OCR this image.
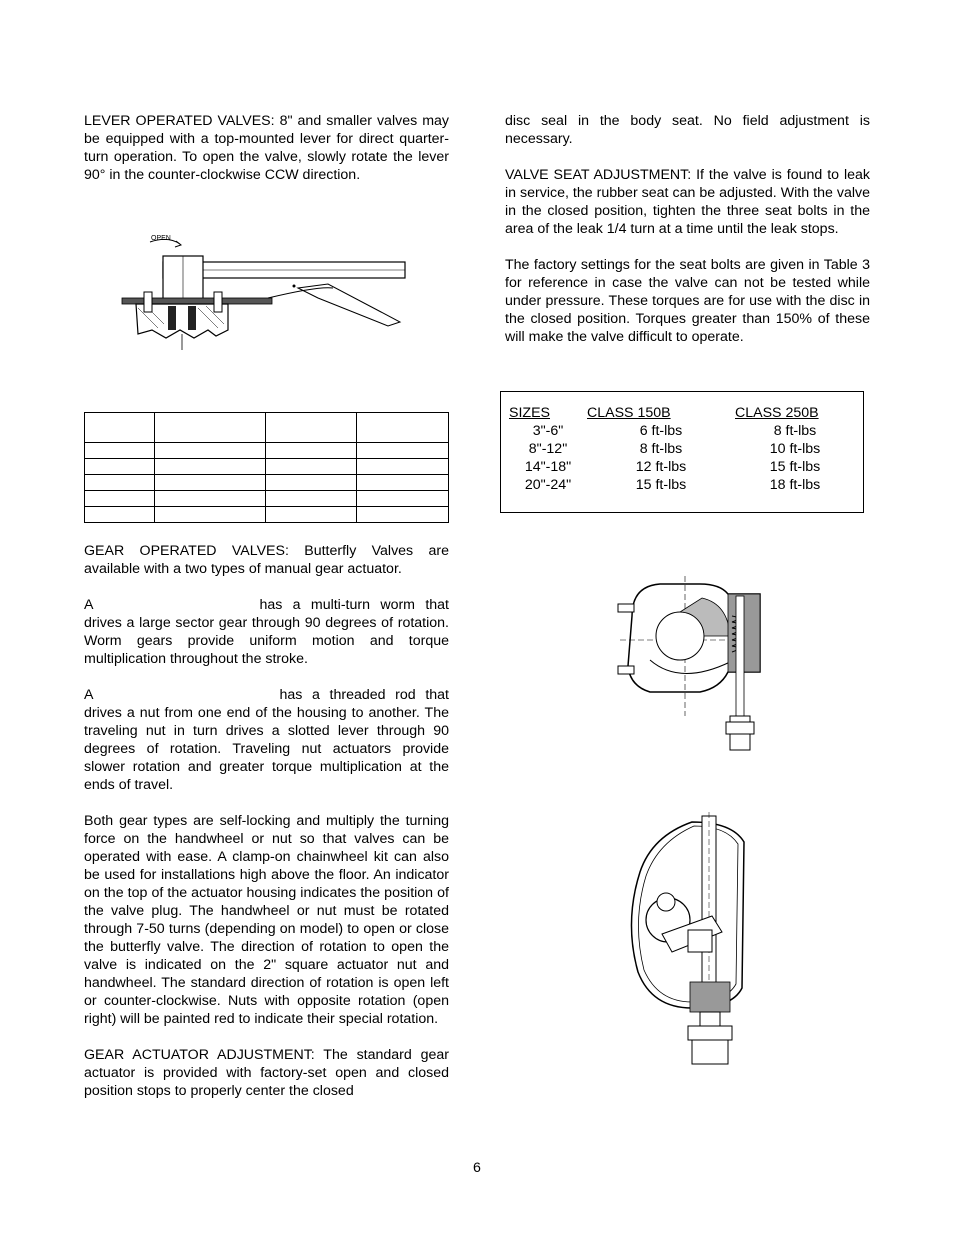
LEVER OPERATED VALVES: 8" and smaller valves may be equipped with a top-mounted lever for direct quarter-turn operation. To open the valve, slowly rotate the lever 90° in the counter-clockwise CCW direction.

OPEN

GEAR OPERATED VALVES: Butterfly Valves are available with a two types of manual gear actuator.

A	has a multi-turn worm that drives a large sector gear through 90 degrees of rotation. Worm gears provide uniform motion and torque multiplication throughout the stroke.

A	has a threaded rod that drives a nut from one end of the housing to another. The traveling nut in turn drives a slotted lever through 90 degrees of rotation. Traveling nut actuators provide slower rotation and greater torque multiplication at the ends of travel.

Both gear types are self-locking and multiply the turning force on the handwheel or nut so that valves can be operated with ease. A clamp-on chainwheel kit can also be used for installations high above the floor. An indicator on the top of the actuator housing indicates the position of the valve plug. The handwheel or nut must be rotated through 7-50 turns (depending on model) to open or close the butterfly valve. The direction of rotation to open the valve is indicated on the 2" square actuator nut and handwheel. The standard direction of rotation is open left or counter-clockwise. Nuts with opposite rotation (open right) will be painted red to indicate their special rotation.

GEAR ACTUATOR ADJUSTMENT: The standard gear actuator is provided with factory-set open and closed position stops to properly center the closed

disc seal in the body seat. No field adjustment is necessary.

VALVE SEAT ADJUSTMENT: If the valve is found to leak in service, the rubber seat can be adjusted. With the valve in the closed position, tighten the three seat bolts in the area of the leak 1/4 turn at a time until the leak stops.

The factory settings for the seat bolts are given in Table 3 for reference in case the valve can not be tested while under pressure. These torques are for use with the disc in the closed position. Torques greater than 150% of these will make the valve difficult to operate.

SIZES	CLASS 150B	CLASS 250B
3"-6"	6 ft-lbs	8 ft-lbs
8"-12"	8 ft-lbs	10 ft-lbs
14"-18"	12 ft-lbs	15 ft-lbs
20"-24"	15 ft-lbs	18 ft-lbs
6
